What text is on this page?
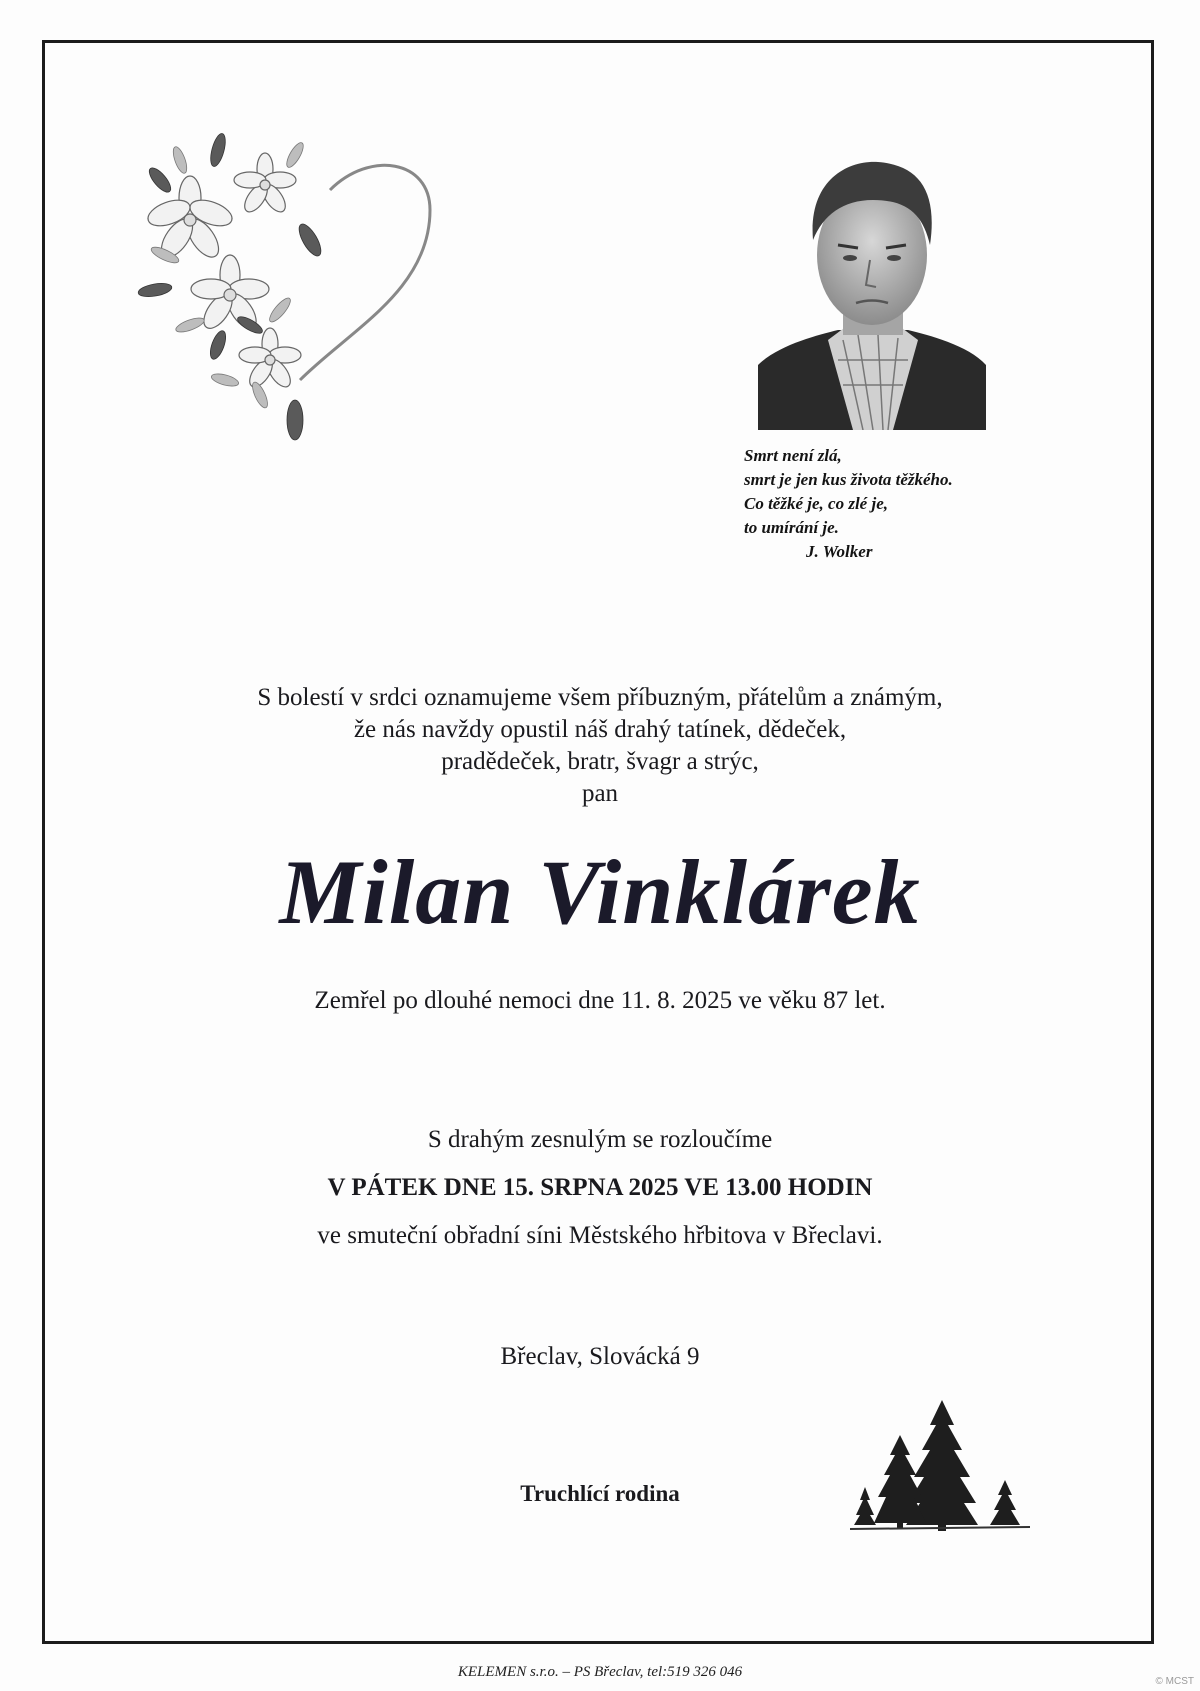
Smrt není zlá,
smrt je jen kus života těžkého.
Co těžké je, co zlé je,
to umírání je.
J. Wolker
S bolestí v srdci oznamujeme všem příbuzným, přátelům a známým,
že nás navždy opustil náš drahý tatínek, dědeček,
pradědeček, bratr, švagr a strýc,
pan
Milan Vinklárek
Zemřel po dlouhé nemoci dne 11. 8. 2025 ve věku 87 let.
S drahým zesnulým se rozloučíme
V PÁTEK DNE 15. SRPNA 2025 VE 13.00 HODIN
ve smuteční obřadní síni Městského hřbitova v Břeclavi.
Břeclav, Slovácká 9
Truchlící rodina
KELEMEN s.r.o. – PS Břeclav, tel:519 326 046
© MCST
